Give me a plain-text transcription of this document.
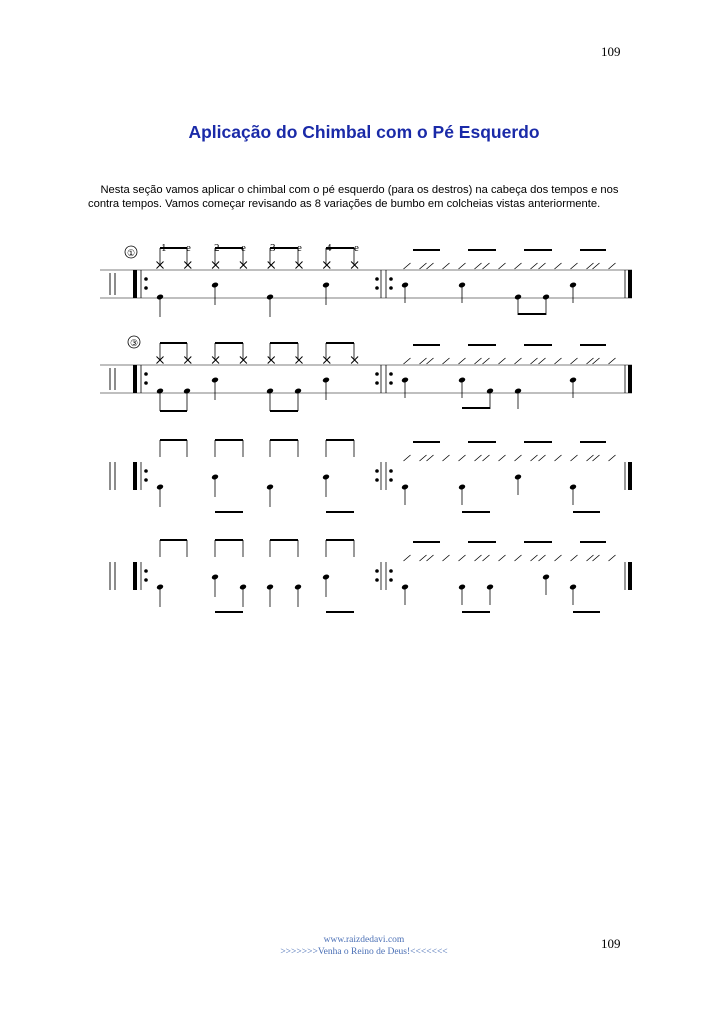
109
Aplicação do Chimbal com o Pé Esquerdo
Nesta seção vamos aplicar o chimbal com o pé esquerdo (para os destros) na cabeça dos tempos e nos contra tempos. Vamos começar revisando as 8 variações de bumbo em colcheias vistas anteriormente.
①
③
1 e 2 e 3 e 4 e
www.raizdedavi.com
>>>>>>>Venha o Reino de Deus!<<<<<<<
109
